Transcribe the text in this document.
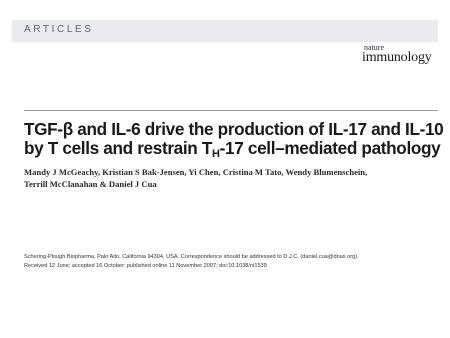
ARTICLES
nature
immunology
TGF-β and IL-6 drive the production of IL-17 and IL-10
by T cells and restrain $T_H-17$ cell–mediated pathology
Mandy J McGeachy, Kristian S Bak-Jensen, Yi Chen, Cristina M Tato, Wendy Blumenschein,
Terrill McClanahan & Daniel J Cua
Schering-Plough Biopharma, Palo Alto, California 94304, USA. Correspondence should be addressed to D.J.C. (daniel.cua@dnax.org).
Received 12 June; accepted 16 October; published online 11 November 2007; doi:10.1038/ni1539
